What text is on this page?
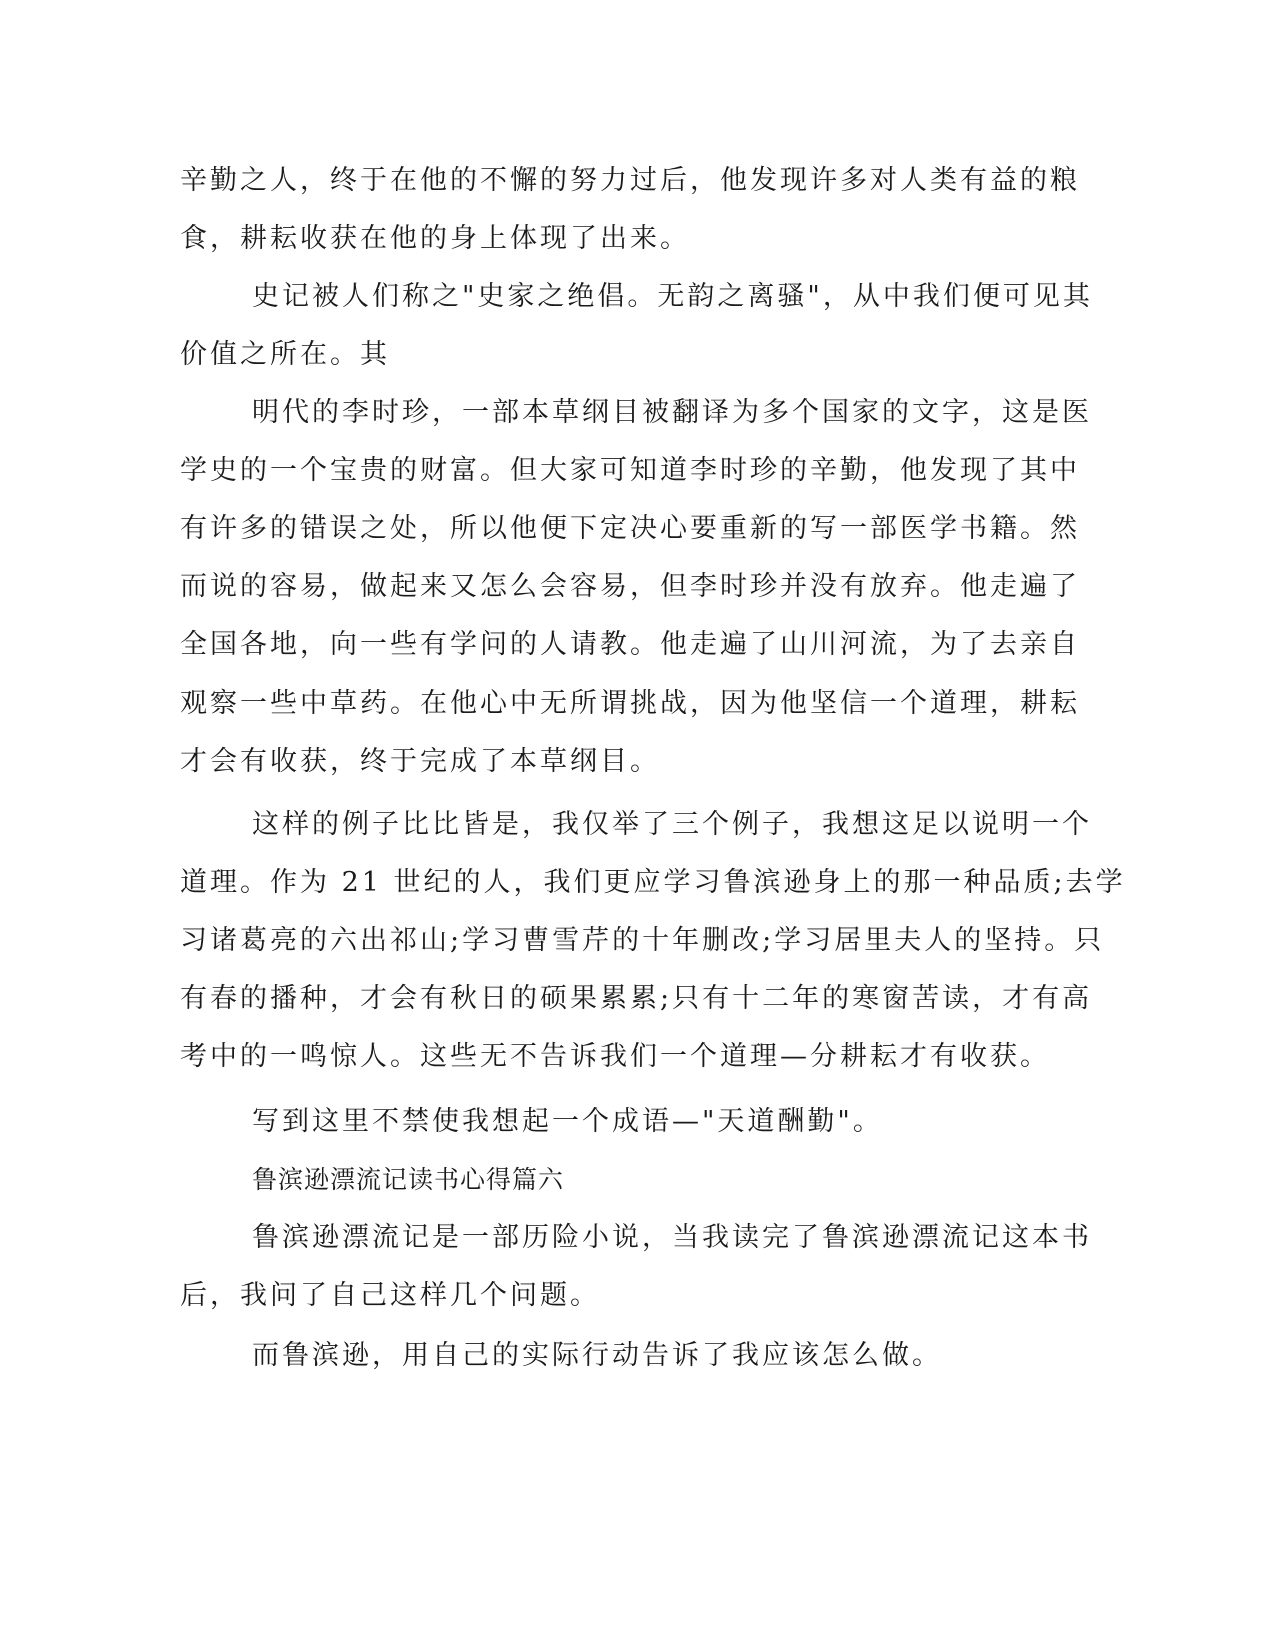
辛勤之人，终于在他的不懈的努力过后，他发现许多对人类有益的粮

食，耕耘收获在他的身上体现了出来。

史记被人们称之"史家之绝倡。无韵之离骚"，从中我们便可见其

价值之所在。其

明代的李时珍，一部本草纲目被翻译为多个国家的文字，这是医

学史的一个宝贵的财富。但大家可知道李时珍的辛勤，他发现了其中

有许多的错误之处，所以他便下定决心要重新的写一部医学书籍。然

而说的容易，做起来又怎么会容易，但李时珍并没有放弃。他走遍了

全国各地，向一些有学问的人请教。他走遍了山川河流，为了去亲自

观察一些中草药。在他心中无所谓挑战，因为他坚信一个道理，耕耘

才会有收获，终于完成了本草纲目。

这样的例子比比皆是，我仅举了三个例子，我想这足以说明一个

道理。作为 21 世纪的人，我们更应学习鲁滨逊身上的那一种品质;去学

习诸葛亮的六出祁山;学习曹雪芹的十年删改;学习居里夫人的坚持。只

有春的播种，才会有秋日的硕果累累;只有十二年的寒窗苦读，才有高

考中的一鸣惊人。这些无不告诉我们一个道理—分耕耘才有收获。

写到这里不禁使我想起一个成语—"天道酬勤"。

鲁滨逊漂流记读书心得篇六

鲁滨逊漂流记是一部历险小说，当我读完了鲁滨逊漂流记这本书

后，我问了自己这样几个问题。

而鲁滨逊，用自己的实际行动告诉了我应该怎么做。
